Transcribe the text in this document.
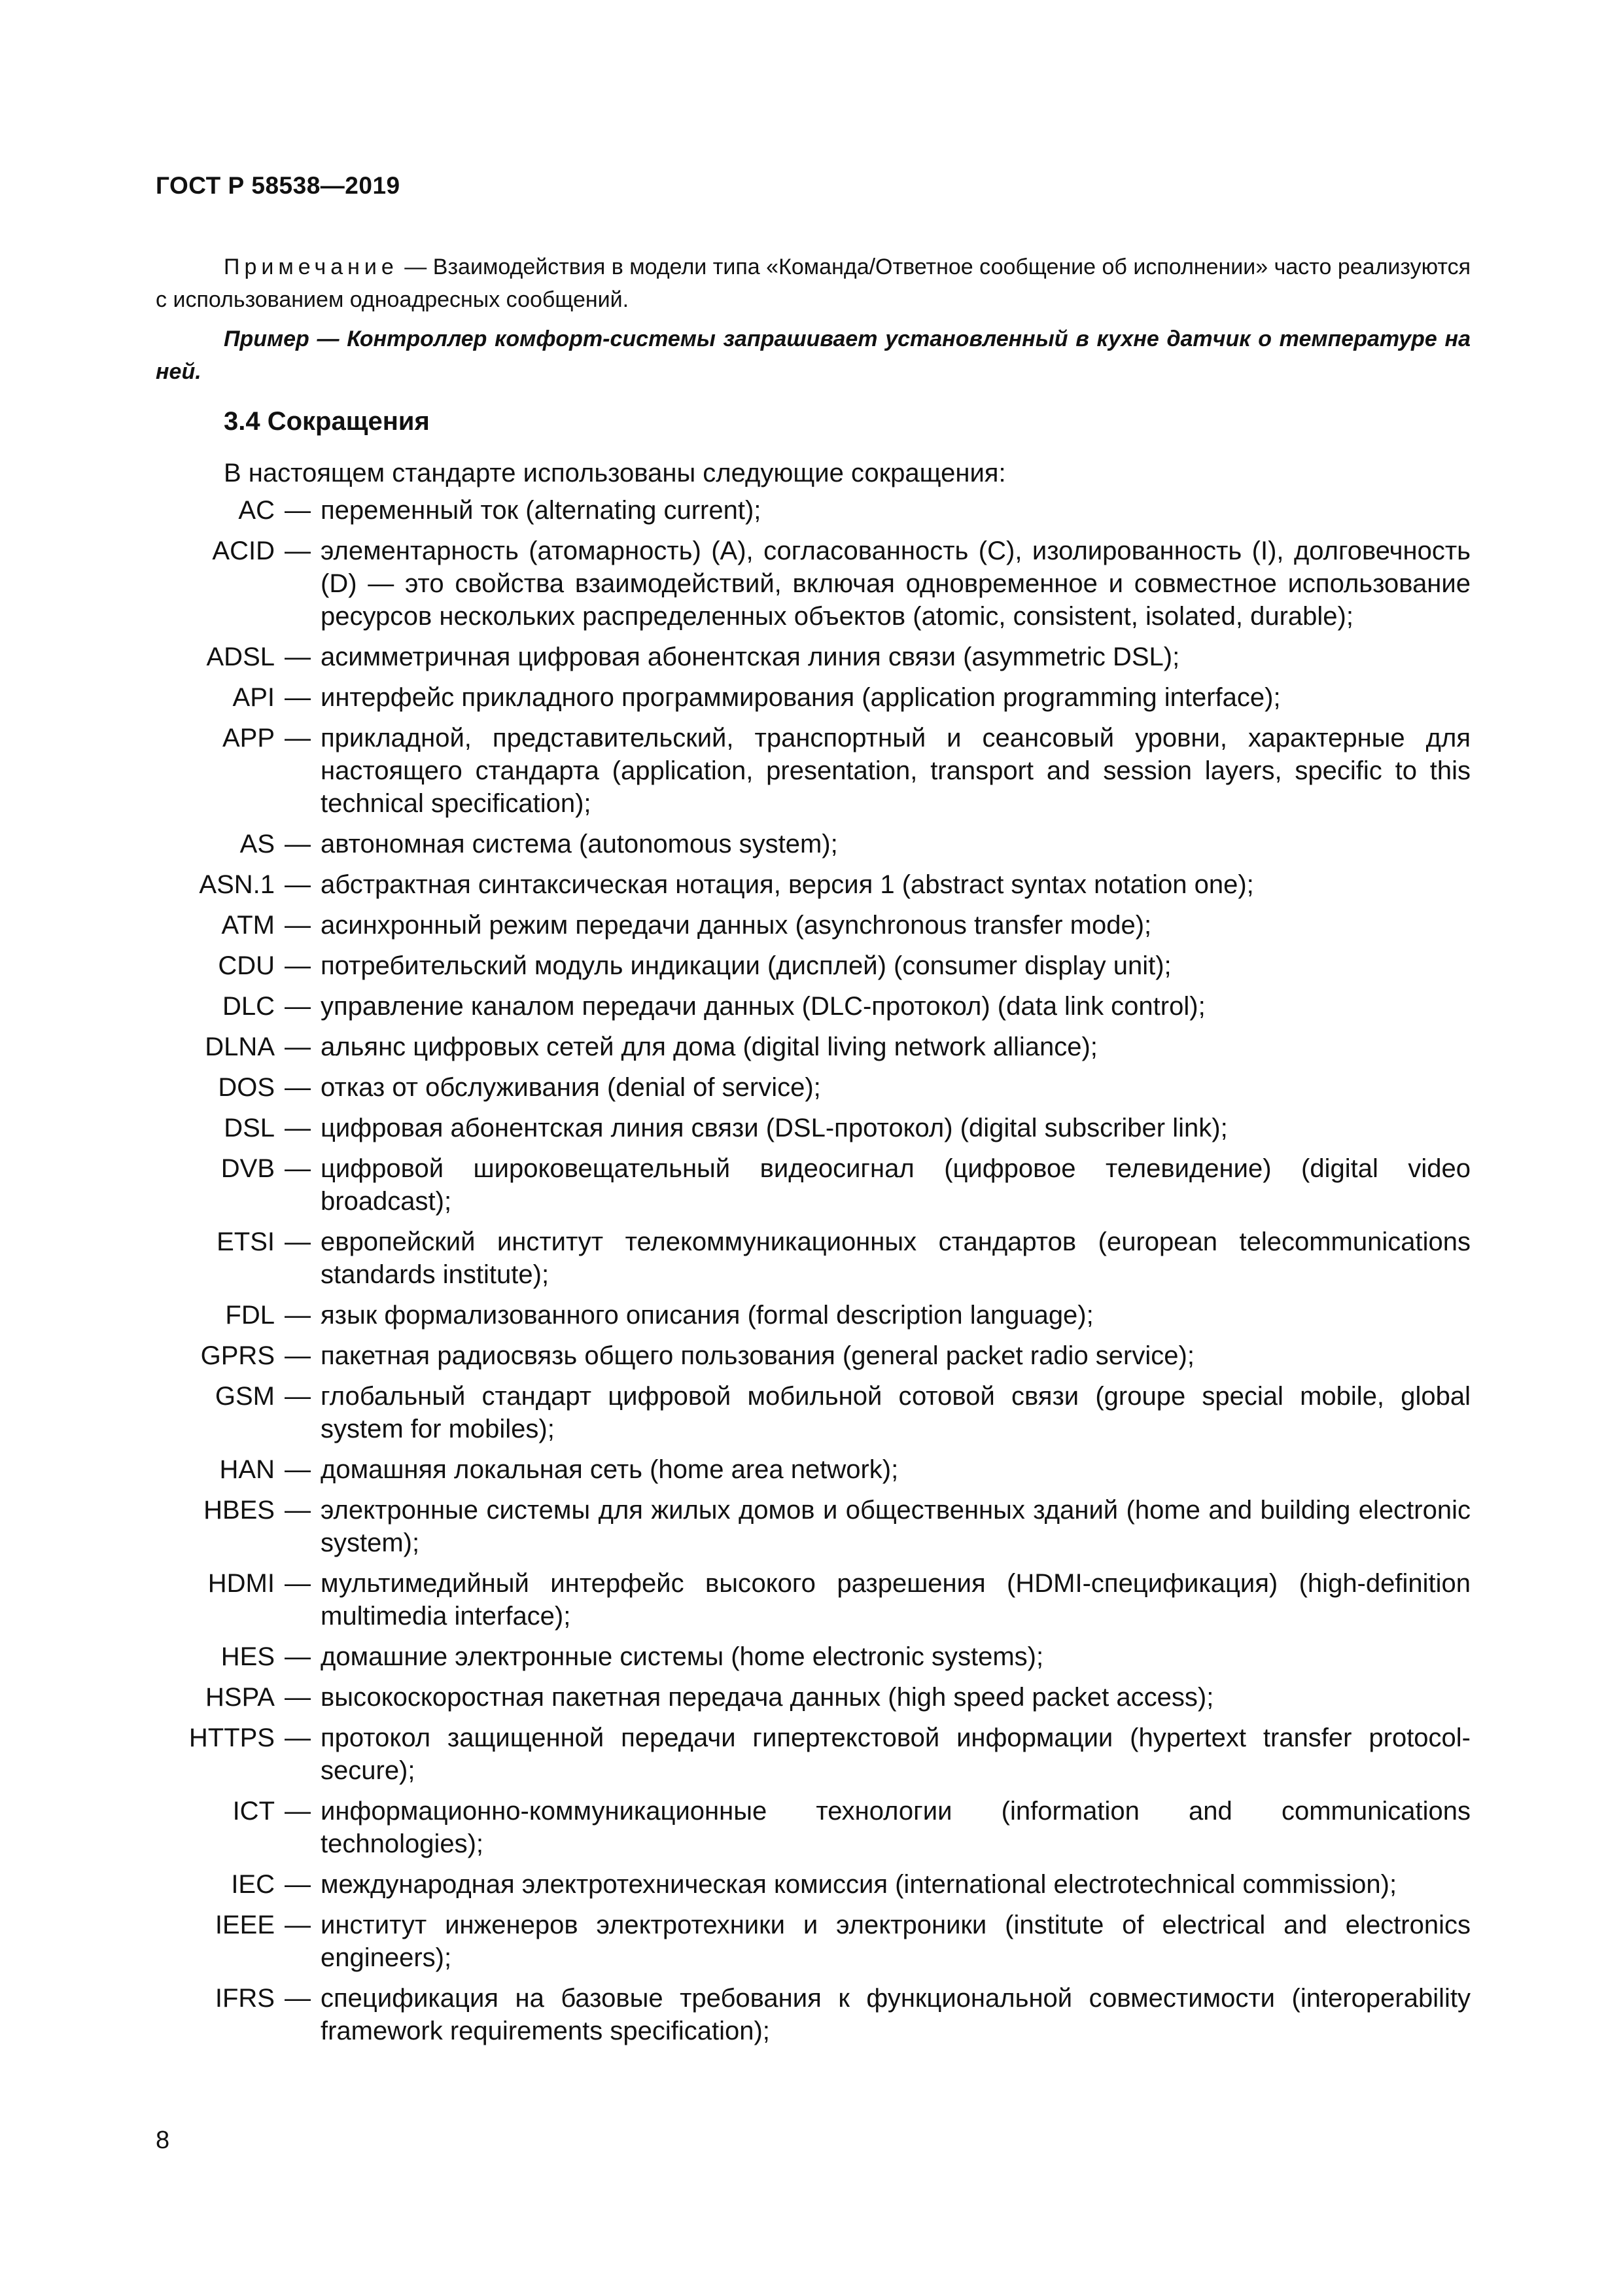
ГОСТ Р 58538—2019
Примечание — Взаимодействия в модели типа «Команда/Ответное сообщение об исполнении» часто реализуются с использованием одноадресных сообщений.
Пример — Контроллер комфорт-системы запрашивает установленный в кухне датчик о температуре на ней.
3.4 Сокращения
В настоящем стандарте использованы следующие сокращения:
AC — переменный ток (alternating current);
ACID — элементарность (атомарность) (A), согласованность (C), изолированность (I), долговечность (D) — это свойства взаимодействий, включая одновременное и совместное использование ресурсов нескольких распределенных объектов (atomic, consistent, isolated, durable);
ADSL — асимметричная цифровая абонентская линия связи (asymmetric DSL);
API — интерфейс прикладного программирования (application programming interface);
APP — прикладной, представительский, транспортный и сеансовый уровни, характерные для настоящего стандарта (application, presentation, transport and session layers, specific to this technical specification);
AS — автономная система (autonomous system);
ASN.1 — абстрактная синтаксическая нотация, версия 1 (abstract syntax notation one);
ATM — асинхронный режим передачи данных (asynchronous transfer mode);
CDU — потребительский модуль индикации (дисплей) (consumer display unit);
DLC — управление каналом передачи данных (DLC-протокол) (data link control);
DLNA — альянс цифровых сетей для дома (digital living network alliance);
DOS — отказ от обслуживания (denial of service);
DSL — цифровая абонентская линия связи (DSL-протокол) (digital subscriber link);
DVB — цифровой широковещательный видеосигнал (цифровое телевидение) (digital video broadcast);
ETSI — европейский институт телекоммуникационных стандартов (european telecommunications standards institute);
FDL — язык формализованного описания (formal description language);
GPRS — пакетная радиосвязь общего пользования (general packet radio service);
GSM — глобальный стандарт цифровой мобильной сотовой связи (groupe special mobile, global system for mobiles);
HAN — домашняя локальная сеть (home area network);
HBES — электронные системы для жилых домов и общественных зданий (home and building electronic system);
HDMI — мультимедийный интерфейс высокого разрешения (HDMI-спецификация) (high-definition multimedia interface);
HES — домашние электронные системы (home electronic systems);
HSPA — высокоскоростная пакетная передача данных (high speed packet access);
HTTPS — протокол защищенной передачи гипертекстовой информации (hypertext transfer protocol-secure);
ICT — информационно-коммуникационные технологии (information and communications technologies);
IEC — международная электротехническая комиссия (international electrotechnical commission);
IEEE — институт инженеров электротехники и электроники (institute of electrical and electronics engineers);
IFRS — спецификация на базовые требования к функциональной совместимости (interoperability framework requirements specification);
8
